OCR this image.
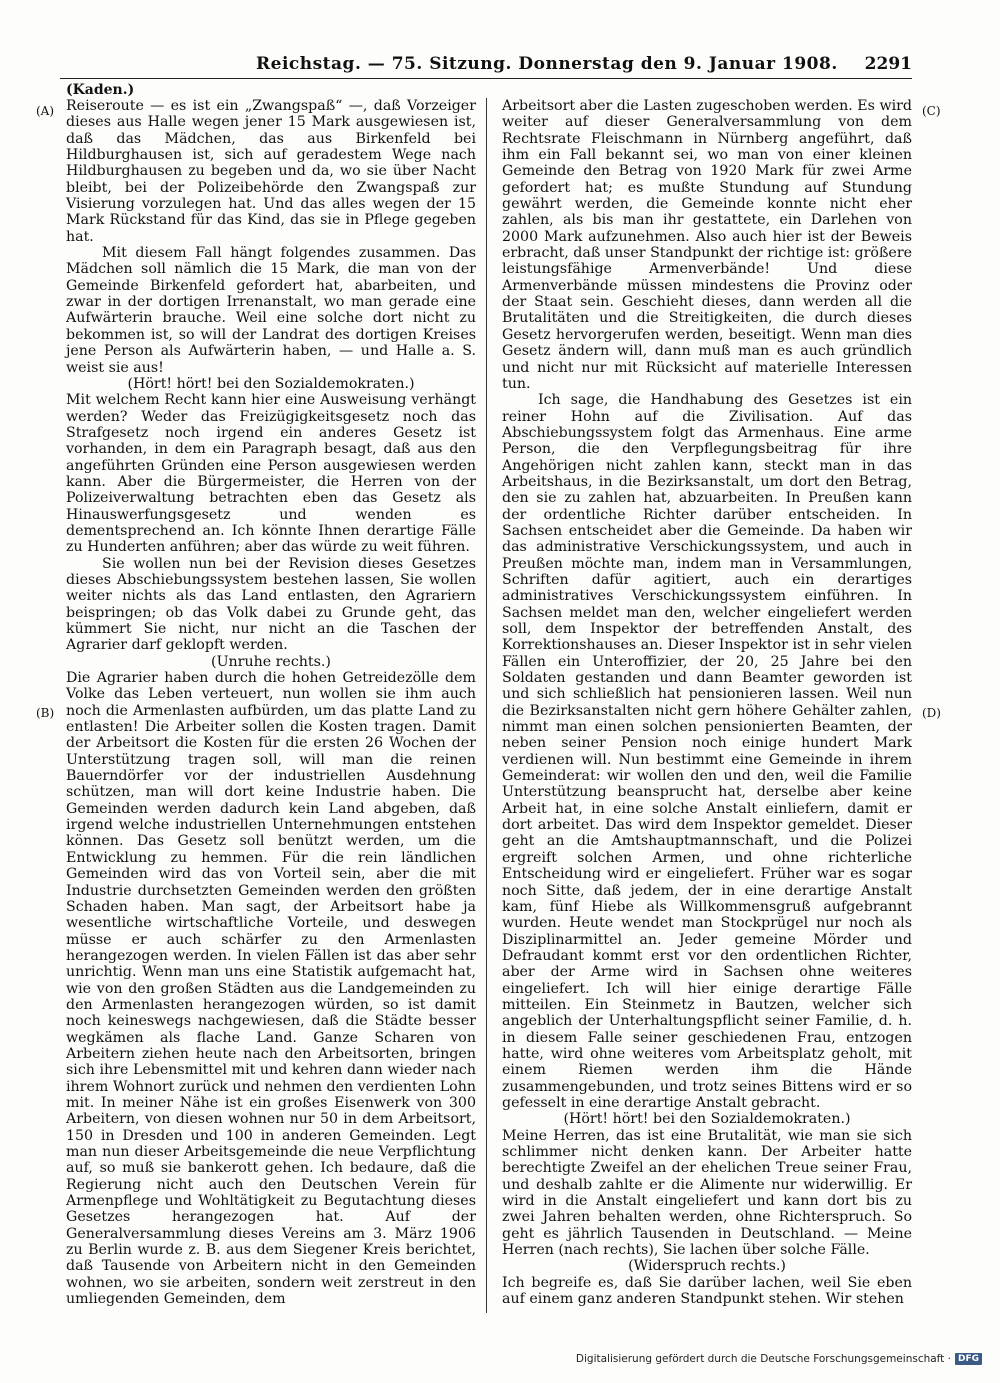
Reichstag. — 75. Sitzung. Donnerstag den 9. Januar 1908. 2291
(Kaden.)
(A)
(B)
(C)
(D)

Reiseroute — es ist ein „Zwangspaß“ —, daß Vorzeiger dieses aus Halle wegen jener 15 Mark ausgewiesen ist, daß das Mädchen, das aus Birkenfeld bei Hildburghausen ist, sich auf geradestem Wege nach Hildburghausen zu begeben und da, wo sie über Nacht bleibt, bei der Polizeibehörde den Zwangspaß zur Visierung vorzulegen hat. Und das alles wegen der 15 Mark Rückstand für das Kind, das sie in Pflege gegeben hat.

Mit diesem Fall hängt folgendes zusammen. Das Mädchen soll nämlich die 15 Mark, die man von der Gemeinde Birkenfeld gefordert hat, abarbeiten, und zwar in der dortigen Irrenanstalt, wo man gerade eine Aufwärterin brauche. Weil eine solche dort nicht zu bekommen ist, so will der Landrat des dortigen Kreises jene Person als Aufwärterin haben, — und Halle a. S. weist sie aus!

(Hört! hört! bei den Sozialdemokraten.)

Mit welchem Recht kann hier eine Ausweisung verhängt werden? Weder das Freizügigkeitsgesetz noch das Strafgesetz noch irgend ein anderes Gesetz ist vorhanden, in dem ein Paragraph besagt, daß aus den angeführten Gründen eine Person ausgewiesen werden kann. Aber die Bürgermeister, die Herren von der Polizeiverwaltung betrachten eben das Gesetz als Hinauswerfungsgesetz und wenden es dementsprechend an. Ich könnte Ihnen derartige Fälle zu Hunderten anführen; aber das würde zu weit führen.

Sie wollen nun bei der Revision dieses Gesetzes dieses Abschiebungssystem bestehen lassen, Sie wollen weiter nichts als das Land entlasten, den Agrariern beispringen; ob das Volk dabei zu Grunde geht, das kümmert Sie nicht, nur nicht an die Taschen der Agrarier darf geklopft werden.

(Unruhe rechts.)

Die Agrarier haben durch die hohen Getreidezölle dem Volke das Leben verteuert, nun wollen sie ihm auch noch die Armenlasten aufbürden, um das platte Land zu entlasten! Die Arbeiter sollen die Kosten tragen. Damit der Arbeitsort die Kosten für die ersten 26 Wochen der Unterstützung tragen soll, will man die reinen Bauerndörfer vor der industriellen Ausdehnung schützen, man will dort keine Industrie haben. Die Gemeinden werden dadurch kein Land abgeben, daß irgend welche industriellen Unternehmungen entstehen können. Das Gesetz soll benützt werden, um die Entwicklung zu hemmen. Für die rein ländlichen Gemeinden wird das von Vorteil sein, aber die mit Industrie durchsetzten Gemeinden werden den größten Schaden haben. Man sagt, der Arbeitsort habe ja wesentliche wirtschaftliche Vorteile, und deswegen müsse er auch schärfer zu den Armenlasten herangezogen werden. In vielen Fällen ist das aber sehr unrichtig. Wenn man uns eine Statistik aufgemacht hat, wie von den großen Städten aus die Landgemeinden zu den Armenlasten herangezogen würden, so ist damit noch keineswegs nachgewiesen, daß die Städte besser wegkämen als flache Land. Ganze Scharen von Arbeitern ziehen heute nach den Arbeitsorten, bringen sich ihre Lebensmittel mit und kehren dann wieder nach ihrem Wohnort zurück und nehmen den verdienten Lohn mit. In meiner Nähe ist ein großes Eisenwerk von 300 Arbeitern, von diesen wohnen nur 50 in dem Arbeitsort, 150 in Dresden und 100 in anderen Gemeinden. Legt man nun dieser Arbeitsgemeinde die neue Verpflichtung auf, so muß sie bankerott gehen. Ich bedaure, daß die Regierung nicht auch den Deutschen Verein für Armenpflege und Wohltätigkeit zu Begutachtung dieses Gesetzes herangezogen hat. Auf der Generalversammlung dieses Vereins am 3. März 1906 zu Berlin wurde z. B. aus dem Siegener Kreis berichtet, daß Tausende von Arbeitern nicht in den Gemeinden wohnen, wo sie arbeiten, sondern weit zerstreut in den umliegenden Gemeinden, dem

Arbeitsort aber die Lasten zugeschoben werden. Es wird weiter auf dieser Generalversammlung von dem Rechtsrate Fleischmann in Nürnberg angeführt, daß ihm ein Fall bekannt sei, wo man von einer kleinen Gemeinde den Betrag von 1920 Mark für zwei Arme gefordert hat; es mußte Stundung auf Stundung gewährt werden, die Gemeinde konnte nicht eher zahlen, als bis man ihr gestattete, ein Darlehen von 2000 Mark aufzunehmen. Also auch hier ist der Beweis erbracht, daß unser Standpunkt der richtige ist: größere leistungsfähige Armenverbände! Und diese Armenverbände müssen mindestens die Provinz oder der Staat sein. Geschieht dieses, dann werden all die Brutalitäten und die Streitigkeiten, die durch dieses Gesetz hervorgerufen werden, beseitigt. Wenn man dies Gesetz ändern will, dann muß man es auch gründlich und nicht nur mit Rücksicht auf materielle Interessen tun.

Ich sage, die Handhabung des Gesetzes ist ein reiner Hohn auf die Zivilisation. Auf das Abschiebungssystem folgt das Armenhaus. Eine arme Person, die den Verpflegungsbeitrag für ihre Angehörigen nicht zahlen kann, steckt man in das Arbeitshaus, in die Bezirksanstalt, um dort den Betrag, den sie zu zahlen hat, abzuarbeiten. In Preußen kann der ordentliche Richter darüber entscheiden. In Sachsen entscheidet aber die Gemeinde. Da haben wir das administrative Verschickungssystem, und auch in Preußen möchte man, indem man in Versammlungen, Schriften dafür agitiert, auch ein derartiges administratives Verschickungssystem einführen. In Sachsen meldet man den, welcher eingeliefert werden soll, dem Inspektor der betreffenden Anstalt, des Korrektionshauses an. Dieser Inspektor ist in sehr vielen Fällen ein Unteroffizier, der 20, 25 Jahre bei den Soldaten gestanden und dann Beamter geworden ist und sich schließlich hat pensionieren lassen. Weil nun die Bezirksanstalten nicht gern höhere Gehälter zahlen, nimmt man einen solchen pensionierten Beamten, der neben seiner Pension noch einige hundert Mark verdienen will. Nun bestimmt eine Gemeinde in ihrem Gemeinderat: wir wollen den und den, weil die Familie Unterstützung beansprucht hat, derselbe aber keine Arbeit hat, in eine solche Anstalt einliefern, damit er dort arbeitet. Das wird dem Inspektor gemeldet. Dieser geht an die Amtshauptmannschaft, und die Polizei ergreift solchen Armen, und ohne richterliche Entscheidung wird er eingeliefert. Früher war es sogar noch Sitte, daß jedem, der in eine derartige Anstalt kam, fünf Hiebe als Willkommensgruß aufgebrannt wurden. Heute wendet man Stockprügel nur noch als Disziplinarmittel an. Jeder gemeine Mörder und Defraudant kommt erst vor den ordentlichen Richter, aber der Arme wird in Sachsen ohne weiteres eingeliefert. Ich will hier einige derartige Fälle mitteilen. Ein Steinmetz in Bautzen, welcher sich angeblich der Unterhaltungspflicht seiner Familie, d. h. in diesem Falle seiner geschiedenen Frau, entzogen hatte, wird ohne weiteres vom Arbeitsplatz geholt, mit einem Riemen werden ihm die Hände zusammengebunden, und trotz seines Bittens wird er so gefesselt in eine derartige Anstalt gebracht.

(Hört! hört! bei den Sozialdemokraten.)

Meine Herren, das ist eine Brutalität, wie man sie sich schlimmer nicht denken kann. Der Arbeiter hatte berechtigte Zweifel an der ehelichen Treue seiner Frau, und deshalb zahlte er die Alimente nur widerwillig. Er wird in die Anstalt eingeliefert und kann dort bis zu zwei Jahren behalten werden, ohne Richterspruch. So geht es jährlich Tausenden in Deutschland. — Meine Herren (nach rechts), Sie lachen über solche Fälle.

(Widerspruch rechts.)

Ich begreife es, daß Sie darüber lachen, weil Sie eben auf einem ganz anderen Standpunkt stehen. Wir stehen

Digitalisierung gefördert durch die Deutsche Forschungsgemeinschaft · DFG
